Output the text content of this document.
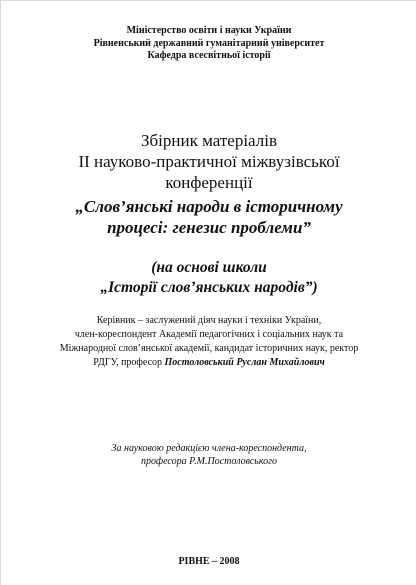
Міністерство освіти і науки України
Рівненський державний гуманітарний університет
Кафедра всесвітньої історії
Збірник матеріалів
ІІ науково-практичної міжвузівської
конференції
„Слов’янські народи в історичному
процесі: генезис проблеми”
(на основі школи
„Історії слов’янських народів”)
Керівник – заслужений діяч науки і техніки України,
член-кореспондент Академії педагогічних і соціальних наук та
Міжнародної слов’янської академії, кандидат історичних наук, ректор
РДГУ, професор Постоловський Руслан Михайлович
За науковою редакцією члена-кореспондента,
професора Р.М.Постоловського
РІВНЕ – 2008
